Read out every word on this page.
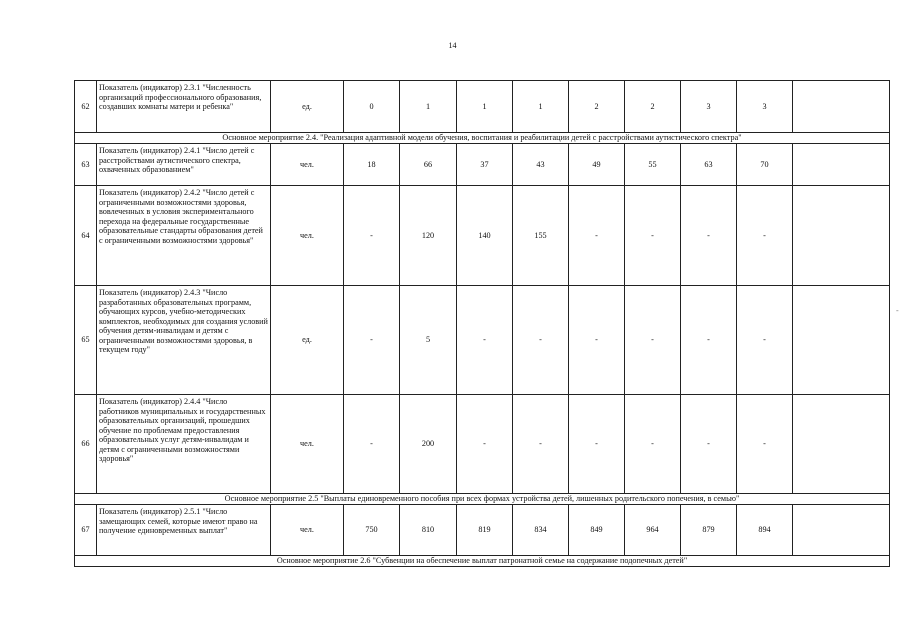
14
62	Показатель (индикатор) 2.3.1 "Численность организаций профессионального образования, создавших комнаты матери и ребенка"	ед.	0	1	1	1	2	2	3	3	
Основное мероприятие 2.4. "Реализация адаптивной модели обучения, воспитания и реабилитации детей с расстройствами аутистического спектра"											
63	Показатель (индикатор) 2.4.1 "Число детей с расстройствами аутистического спектра, охваченных образованием"	чел.	18	66	37	43	49	55	63	70	
64	Показатель (индикатор) 2.4.2 "Число детей с ограниченными возможностями здоровья, вовлеченных в условия экспериментального перехода на федеральные государственные образовательные стандарты образования детей с ограниченными возможностями здоровья"	чел.	-	120	140	155	-	-	-	-	
65	Показатель (индикатор) 2.4.3 "Число разработанных образовательных программ, обучающих курсов, учебно-методических комплектов, необходимых для создания условий обучения детям-инвалидам и детям с ограниченными возможностями здоровья, в текущем году"	ед.	-	5	-	-	-	-	-	-	
66	Показатель (индикатор) 2.4.4 "Число работников муниципальных и государственных образовательных организаций, прошедших обучение по проблемам предоставления образовательных услуг детям-инвалидам и детям с ограниченными возможностями здоровья"	чел.	-	200	-	-	-	-	-	-	
Основное мероприятие 2.5 "Выплаты единовременного пособия при всех формах устройства детей, лишенных родительского попечения, в семью"											
67	Показатель (индикатор) 2.5.1 "Число замещающих семей, которые имеют право на получение единовременных выплат"	чел.	750	810	819	834	849	964	879	894	
Основное мероприятие 2.6 "Субвенции на обеспечение выплат патронатной семье на содержание подопечных детей"											
-
